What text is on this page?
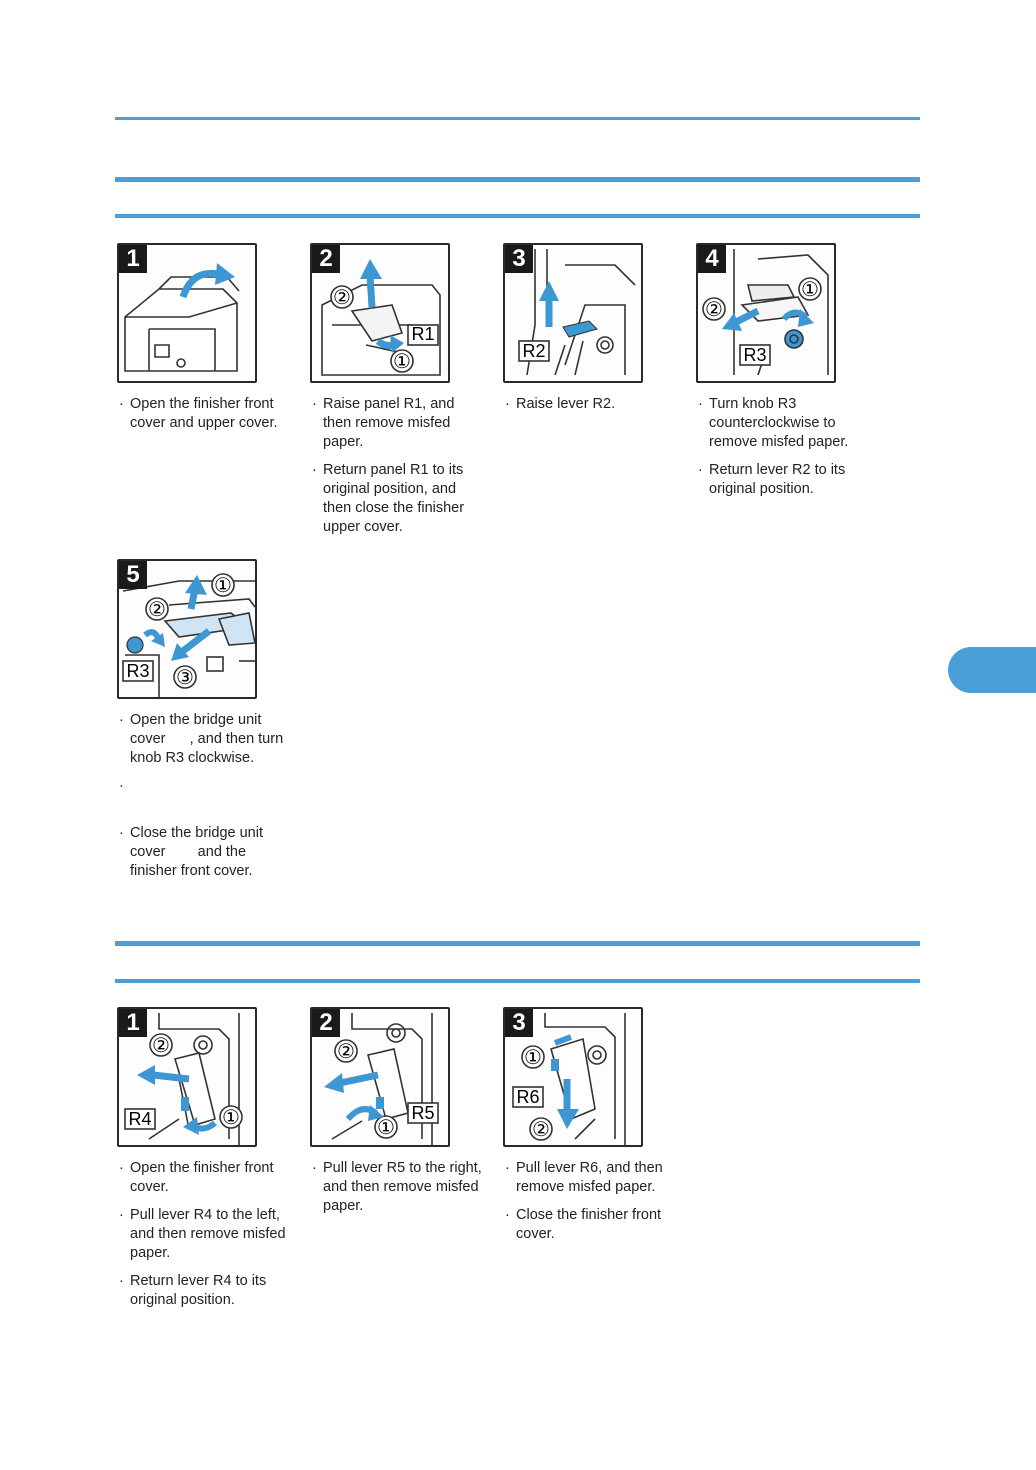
1
· Open the finisher front cover and upper cover.
2
R1
②
①
· Raise panel R1, and then remove misfed paper.
· Return panel R1 to its original position, and then close the finisher upper cover.
3
R2
· Raise lever R2.
4
R3
①
②
· Turn knob R3 counterclockwise to remove misfed paper.
· Return lever R2 to its original position.
5
R3
①
②
③
· Open the bridge unit cover      , and then turn knob R3 clockwise.
·
· Close the bridge unit cover        and the finisher front cover.
1
R4	①
②
· Open the finisher front cover.
· Pull lever R4 to the left, and then remove misfed paper.
· Return lever R4 to its original position.
2
R5
①
②
· Pull lever R5 to the right, and then remove misfed paper.
3
R6
①
②
· Pull lever R6, and then remove misfed paper.
· Close the finisher front cover.
